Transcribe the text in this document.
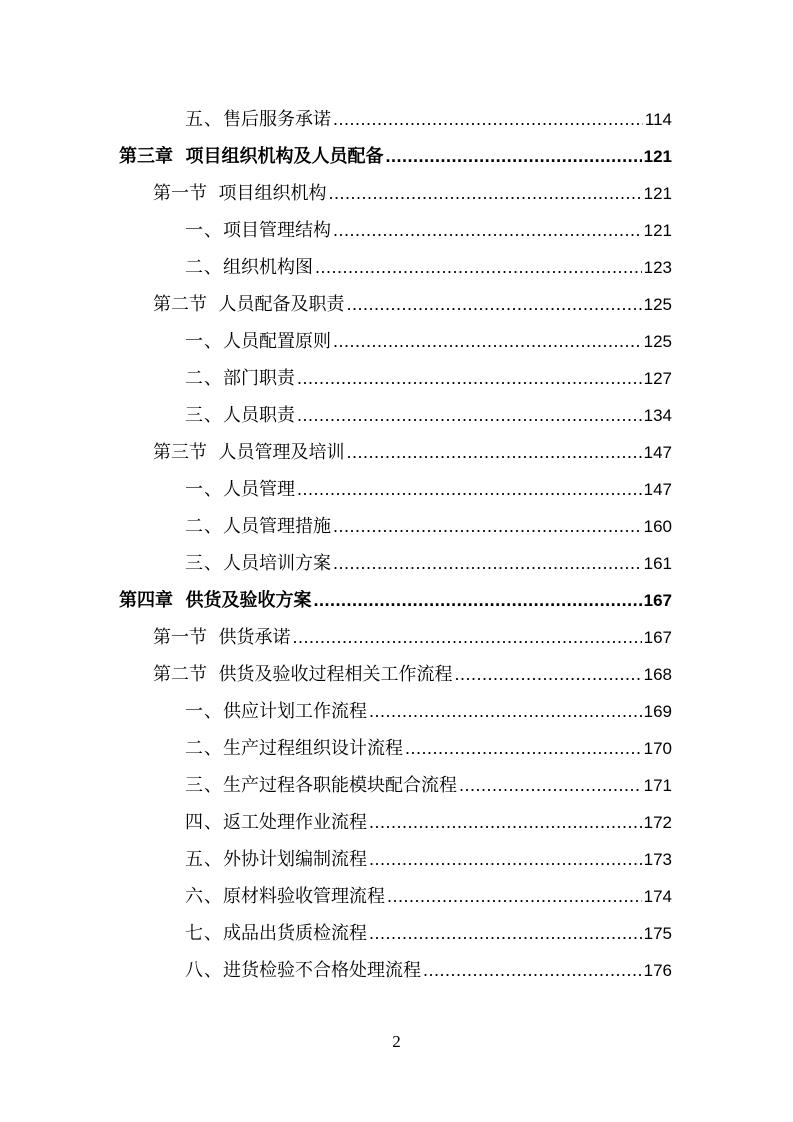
五、售后服务承诺 .....	114
第三章 项目组织机构及人员配备 .....	121
第一节 项目组织机构 .....	121
一、项目管理结构 .....	121
二、组织机构图 .....	123
第二节 人员配备及职责 .....	125
一、人员配置原则 .....	125
二、部门职责 .....	127
三、人员职责 .....	134
第三节 人员管理及培训 .....	147
一、人员管理 .....	147
二、人员管理措施 .....	160
三、人员培训方案 .....	161
第四章 供货及验收方案 .....	167
第一节 供货承诺 .....	167
第二节 供货及验收过程相关工作流程 .....	168
一、供应计划工作流程 .....	169
二、生产过程组织设计流程 .....	170
三、生产过程各职能模块配合流程 .....	171
四、返工处理作业流程 .....	172
五、外协计划编制流程 .....	173
六、原材料验收管理流程 .....	174
七、成品出货质检流程 .....	175
八、进货检验不合格处理流程 .....	176
2
